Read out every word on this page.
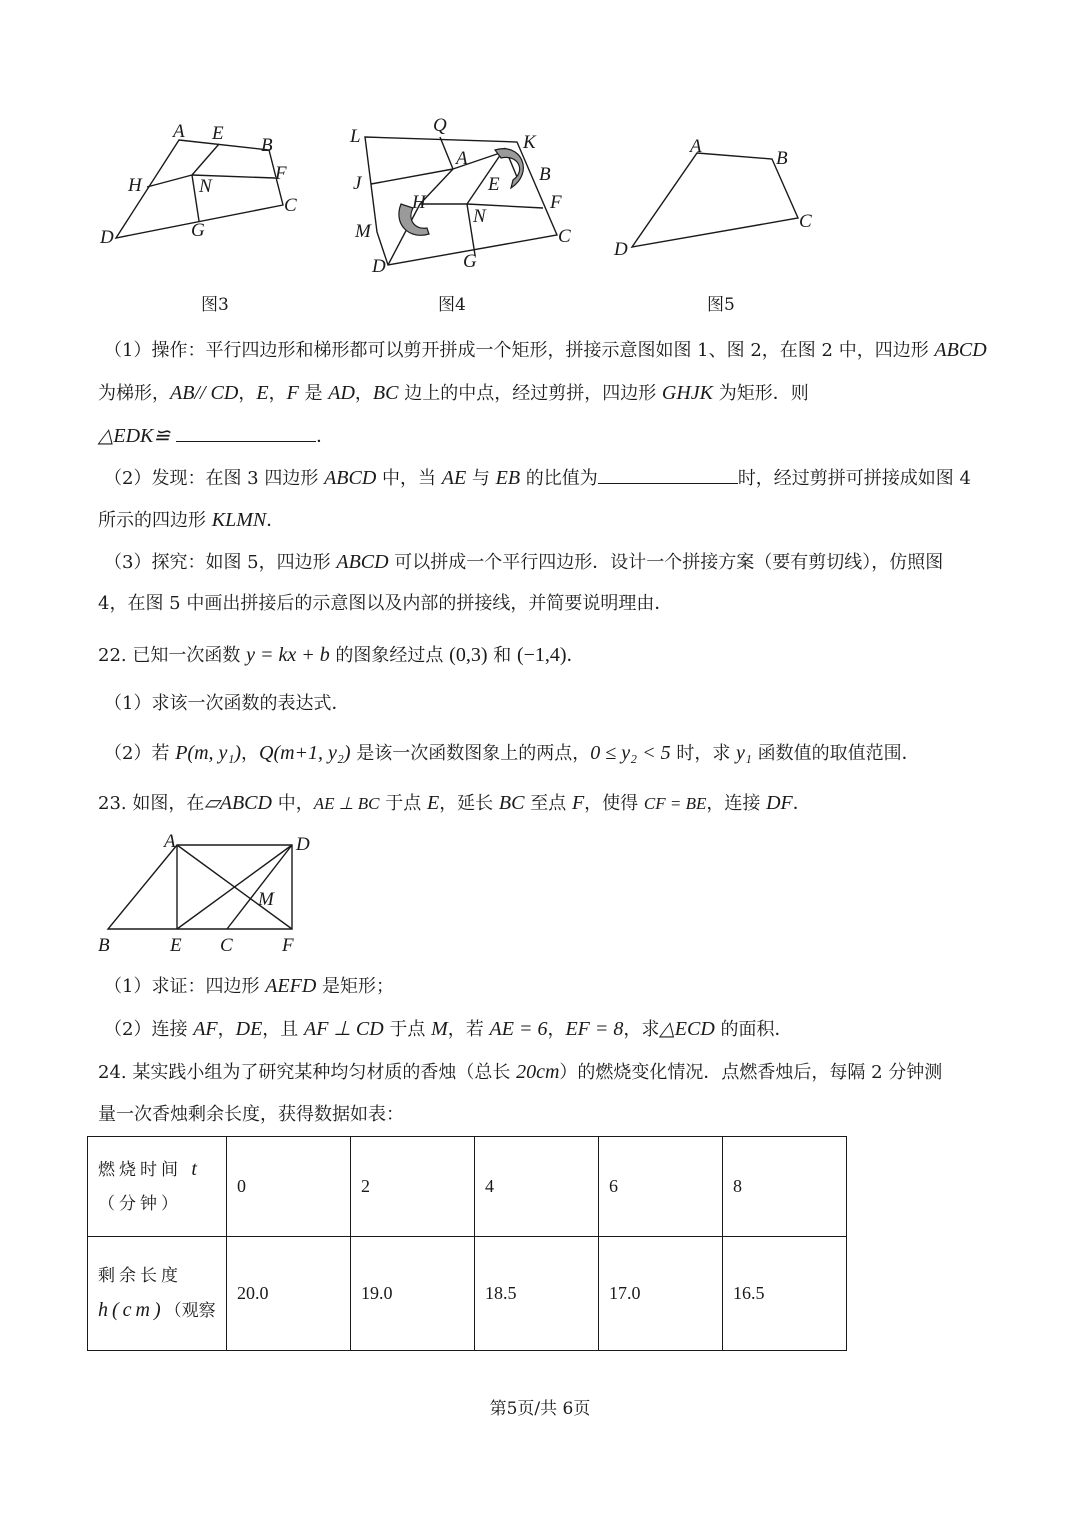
A E
B
H	N
F
D	G
C
图3
L
Q
K
A
J	E B
H
N
F
M	C
D	G
图4
A
B
D
C
图5
（1）操作：平行四边形和梯形都可以剪开拼成一个矩形，拼接示意图如图 1、图 2，在图 2 中，四边形 ABCD
为梯形，AB// CD，E，F 是 AD，BC 边上的中点，经过剪拼，四边形 GHJK 为矩形．则
△EDK≌	．
（2）发现：在图 3 四边形 ABCD 中，当 AE 与 EB 的比值为	时，经过剪拼可拼接成如图 4
所示的四边形 KLMN．
（3）探究：如图 5，四边形 ABCD 可以拼成一个平行四边形．设计一个拼接方案（要有剪切线），仿照图
4，在图 5 中画出拼接后的示意图以及内部的拼接线，并简要说明理由．
22. 已知一次函数 y = kx + b 的图象经过点 (0,3) 和 (−1,4)．
（1）求该一次函数的表达式．
（2）若 P(m, y₁)，Q(m+1, y₂) 是该一次函数图象上的两点，0 ≤ y₂ < 5 时，求 y₁ 函数值的取值范围．
23. 如图，在▱ABCD 中，AE ⊥ BC 于点 E，延长 BC 至点 F，使得 CF = BE，连接 DF．
A	D
M
B	E C	F
（1）求证：四边形 AEFD 是矩形；
（2）连接 AF，DE，且 AF ⊥ CD 于点 M，若 AE = 6，EF = 8，求△ECD 的面积．
24. 某实践小组为了研究某种均匀材质的香烛（总长 20cm）的燃烧变化情况．点燃香烛后，每隔 2 分钟测
量一次香烛剩余长度，获得数据如表：
燃烧时间 t
（分钟）	0	2	4	6	8
剩余长度
h(cm)（观察	20.0	19.0	18.5	17.0	16.5
第5页/共 6页
